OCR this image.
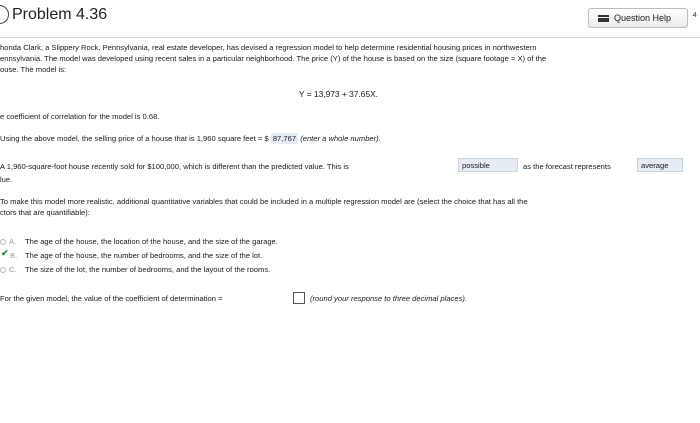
Problem 4.36	Question Help ⁴
honda Clark, a Slippery Rock, Pennsylvania, real estate developer, has devised a regression model to help determine residential housing prices in northwestern
ennsylvania. The model was developed using recent sales in a particular neighborhood. The price (Y) of the house is based on the size (square footage = X) of the
ouse. The model is:
Y = 13,973 + 37.65X.
e coefficient of correlation for the model is 0.68.
Using the above model, the selling price of a house that is 1,960 square feet = $ 87,767 (enter a whole number).
A 1,960-square-foot house recently sold for $100,000, which is different than the predicted value. This is	possible	as the forecast represents	average
lue.
To make this model more realistic, additional quantitative variables that could be included in a multiple regression model are (select the choice that has all the
ctors that are quantifiable):
A. The age of the house, the location of the house, and the size of the garage.
✔ B. The age of the house, the number of bedrooms, and the size of the lot.
C. The size of the lot, the number of bedrooms, and the layout of the rooms.
For the given model, the value of the coefficient of determination =	(round your response to three decimal places).
